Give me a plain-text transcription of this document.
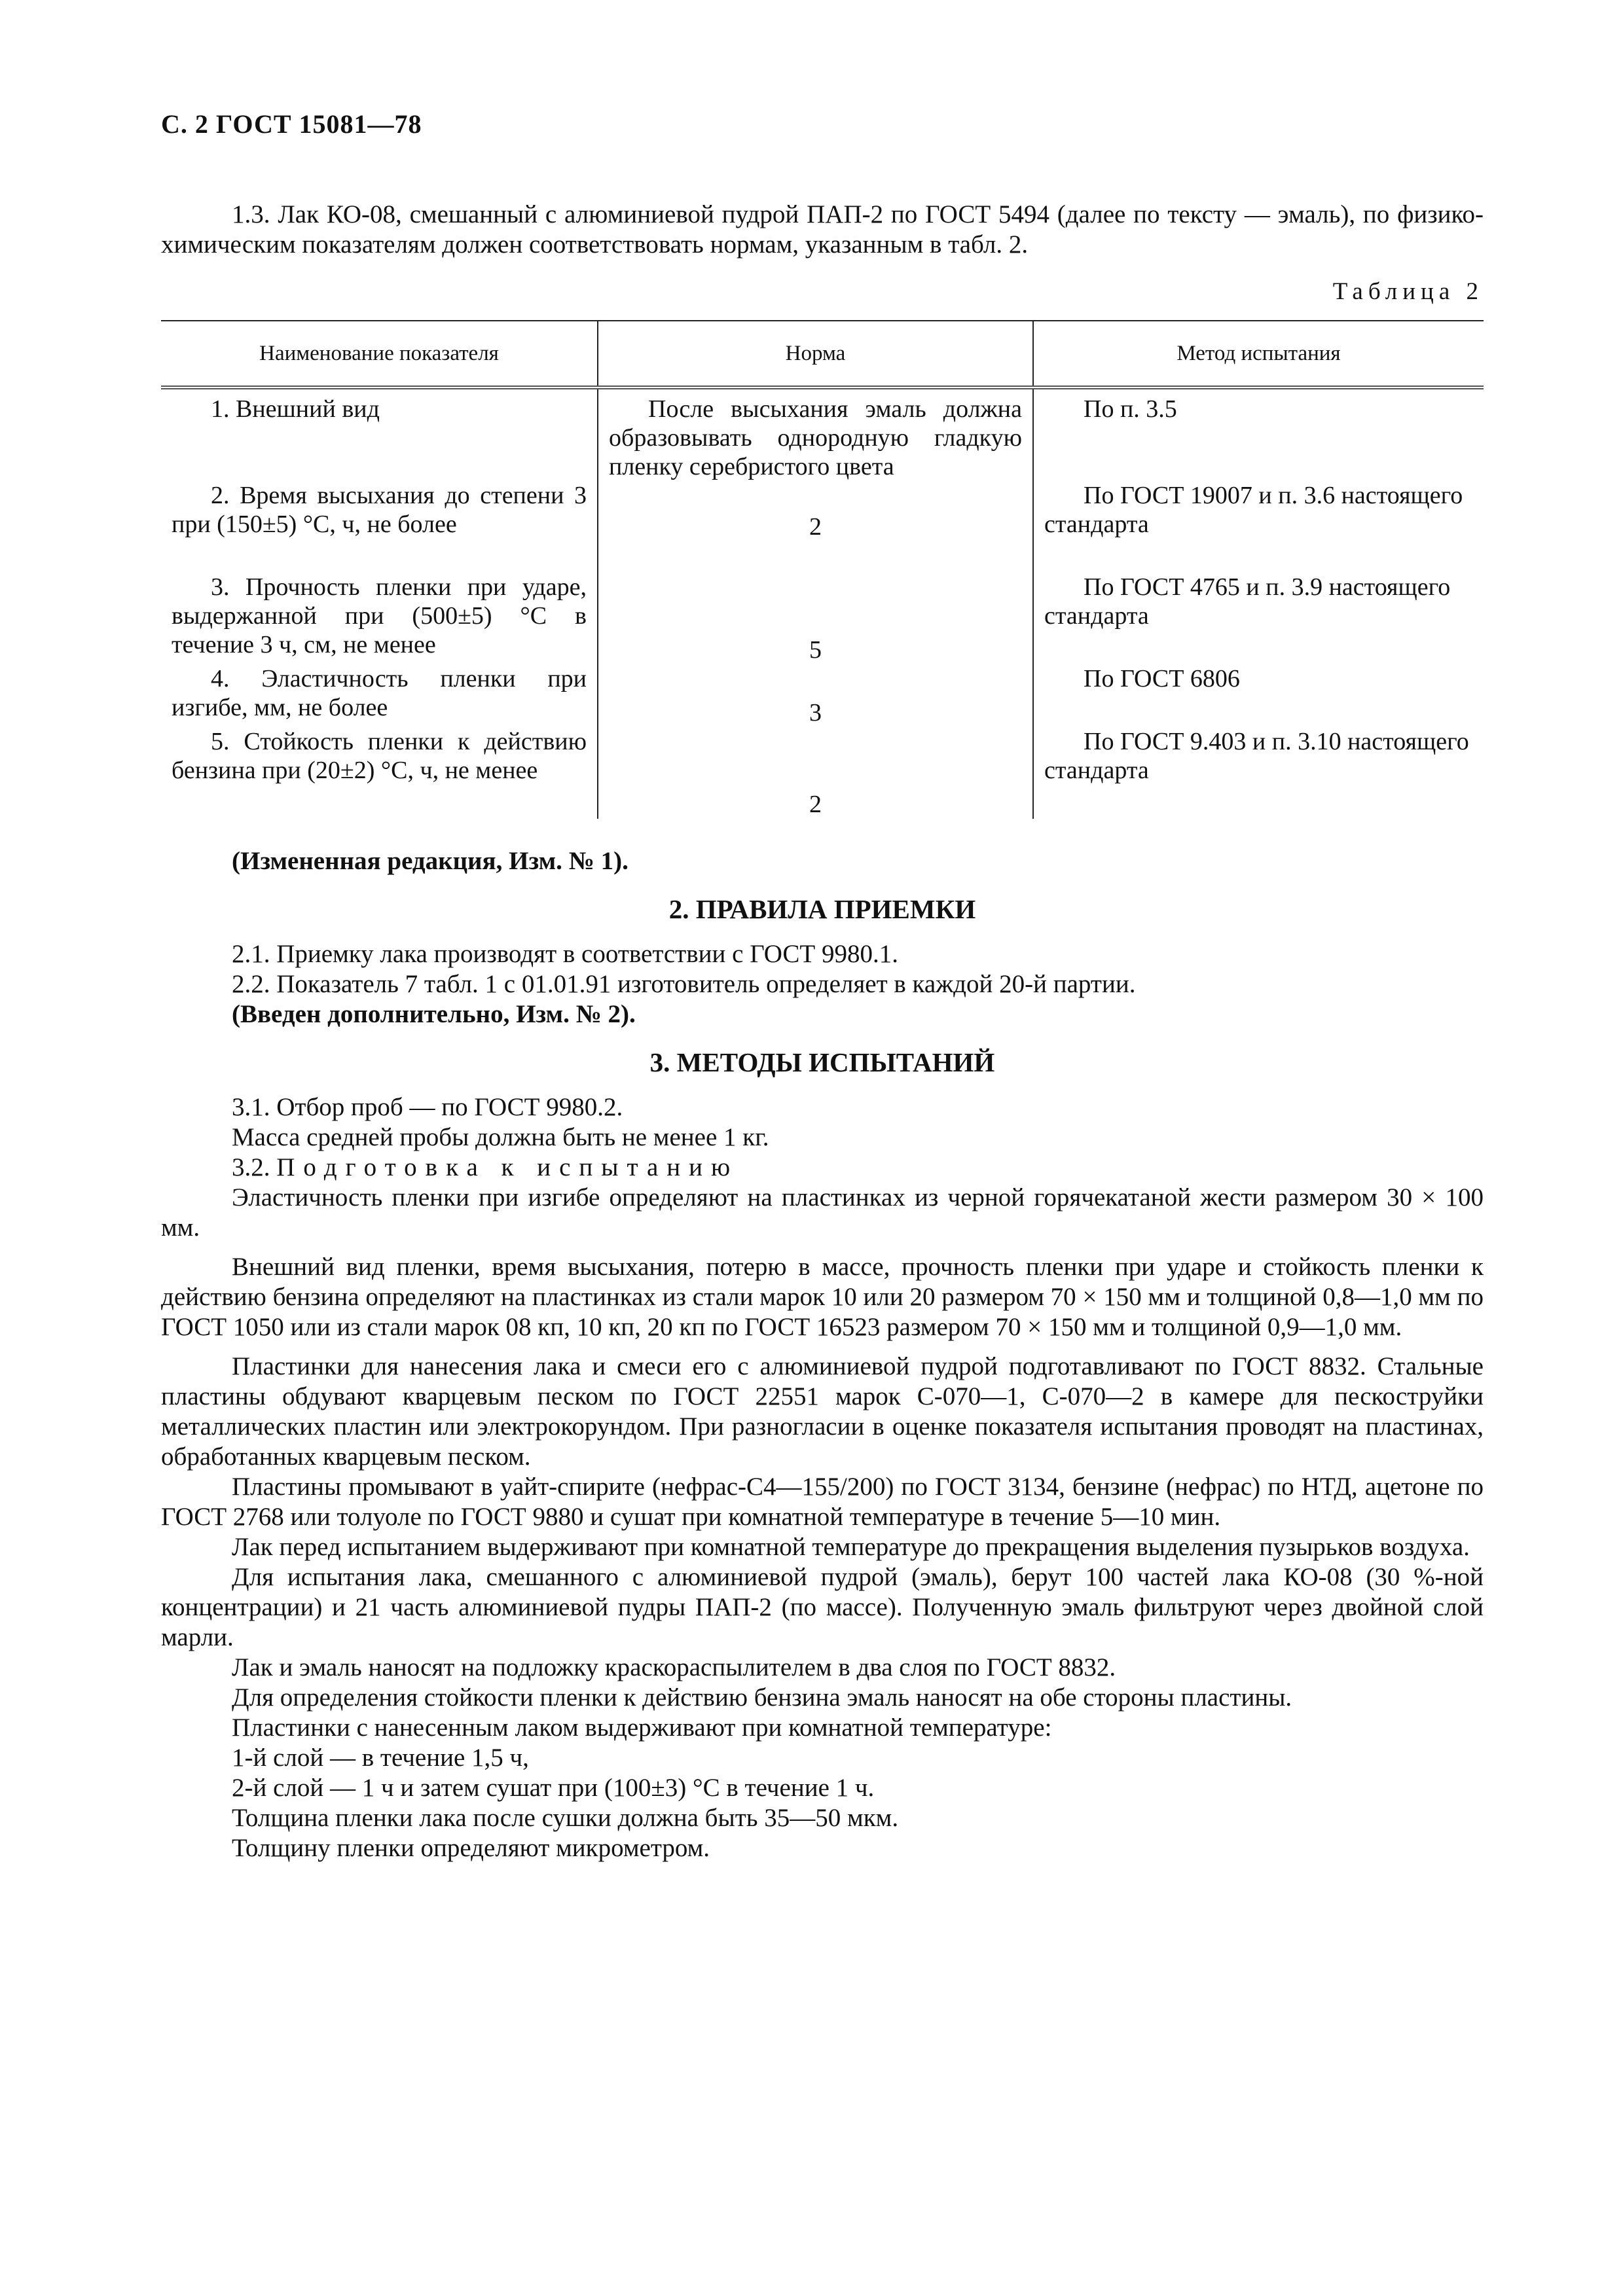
С. 2 ГОСТ 15081—78

1.3. Лак КО-08, смешанный с алюминиевой пудрой ПАП-2 по ГОСТ 5494 (далее по тексту — эмаль), по физико-химическим показателям должен соответствовать нормам, указанным в табл. 2.

Таблица 2
Наименование показателя	Норма	Метод испытания

1. Внешний вид	После высыхания эмаль должна образовывать однородную гладкую пленку серебристого цвета	По п. 3.5

2. Время высыхания до степени 3 при (150±5) °С, ч, не более	2	По ГОСТ 19007 и п. 3.6 настоящего стандарта

3. Прочность пленки при ударе, выдержанной при (500±5) °С в течение 3 ч, см, не менее	5	По ГОСТ 4765 и п. 3.9 настоящего стандарта

4. Эластичность пленки при изгибе, мм, не более	3	По ГОСТ 6806

5. Стойкость пленки к действию бензина при (20±2) °С, ч, не менее	2	По ГОСТ 9.403 и п. 3.10 настоящего стандарта

(Измененная редакция, Изм. № 1).

2. ПРАВИЛА ПРИЕМКИ

2.1. Приемку лака производят в соответствии с ГОСТ 9980.1.

2.2. Показатель 7 табл. 1 с 01.01.91 изготовитель определяет в каждой 20-й партии.

(Введен дополнительно, Изм. № 2).

3. МЕТОДЫ ИСПЫТАНИЙ

3.1. Отбор проб — по ГОСТ 9980.2.

Масса средней пробы должна быть не менее 1 кг.

3.2. Подготовка к испытанию

Эластичность пленки при изгибе определяют на пластинках из черной горячекатаной жести размером 30 × 100 мм.

Внешний вид пленки, время высыхания, потерю в массе, прочность пленки при ударе и стойкость пленки к действию бензина определяют на пластинках из стали марок 10 или 20 размером 70 × 150 мм и толщиной 0,8—1,0 мм по ГОСТ 1050 или из стали марок 08 кп, 10 кп, 20 кп по ГОСТ 16523 размером 70 × 150 мм и толщиной 0,9—1,0 мм.

Пластинки для нанесения лака и смеси его с алюминиевой пудрой подготавливают по ГОСТ 8832. Стальные пластины обдувают кварцевым песком по ГОСТ 22551 марок С-070—1, С-070—2 в камере для пескоструйки металлических пластин или электрокорундом. При разногласии в оценке показателя испытания проводят на пластинах, обработанных кварцевым песком.

Пластины промывают в уайт-спирите (нефрас-С4—155/200) по ГОСТ 3134, бензине (нефрас) по НТД, ацетоне по ГОСТ 2768 или толуоле по ГОСТ 9880 и сушат при комнатной температуре в течение 5—10 мин.

Лак перед испытанием выдерживают при комнатной температуре до прекращения выделения пузырьков воздуха.

Для испытания лака, смешанного с алюминиевой пудрой (эмаль), берут 100 частей лака КО-08 (30 %-ной концентрации) и 21 часть алюминиевой пудры ПАП-2 (по массе). Полученную эмаль фильтруют через двойной слой марли.

Лак и эмаль наносят на подложку краскораспылителем в два слоя по ГОСТ 8832.

Для определения стойкости пленки к действию бензина эмаль наносят на обе стороны пластины.

Пластинки с нанесенным лаком выдерживают при комнатной температуре:

1-й слой — в течение 1,5 ч,

2-й слой — 1 ч и затем сушат при (100±3) °С в течение 1 ч.

Толщина пленки лака после сушки должна быть 35—50 мкм.

Толщину пленки определяют микрометром.
